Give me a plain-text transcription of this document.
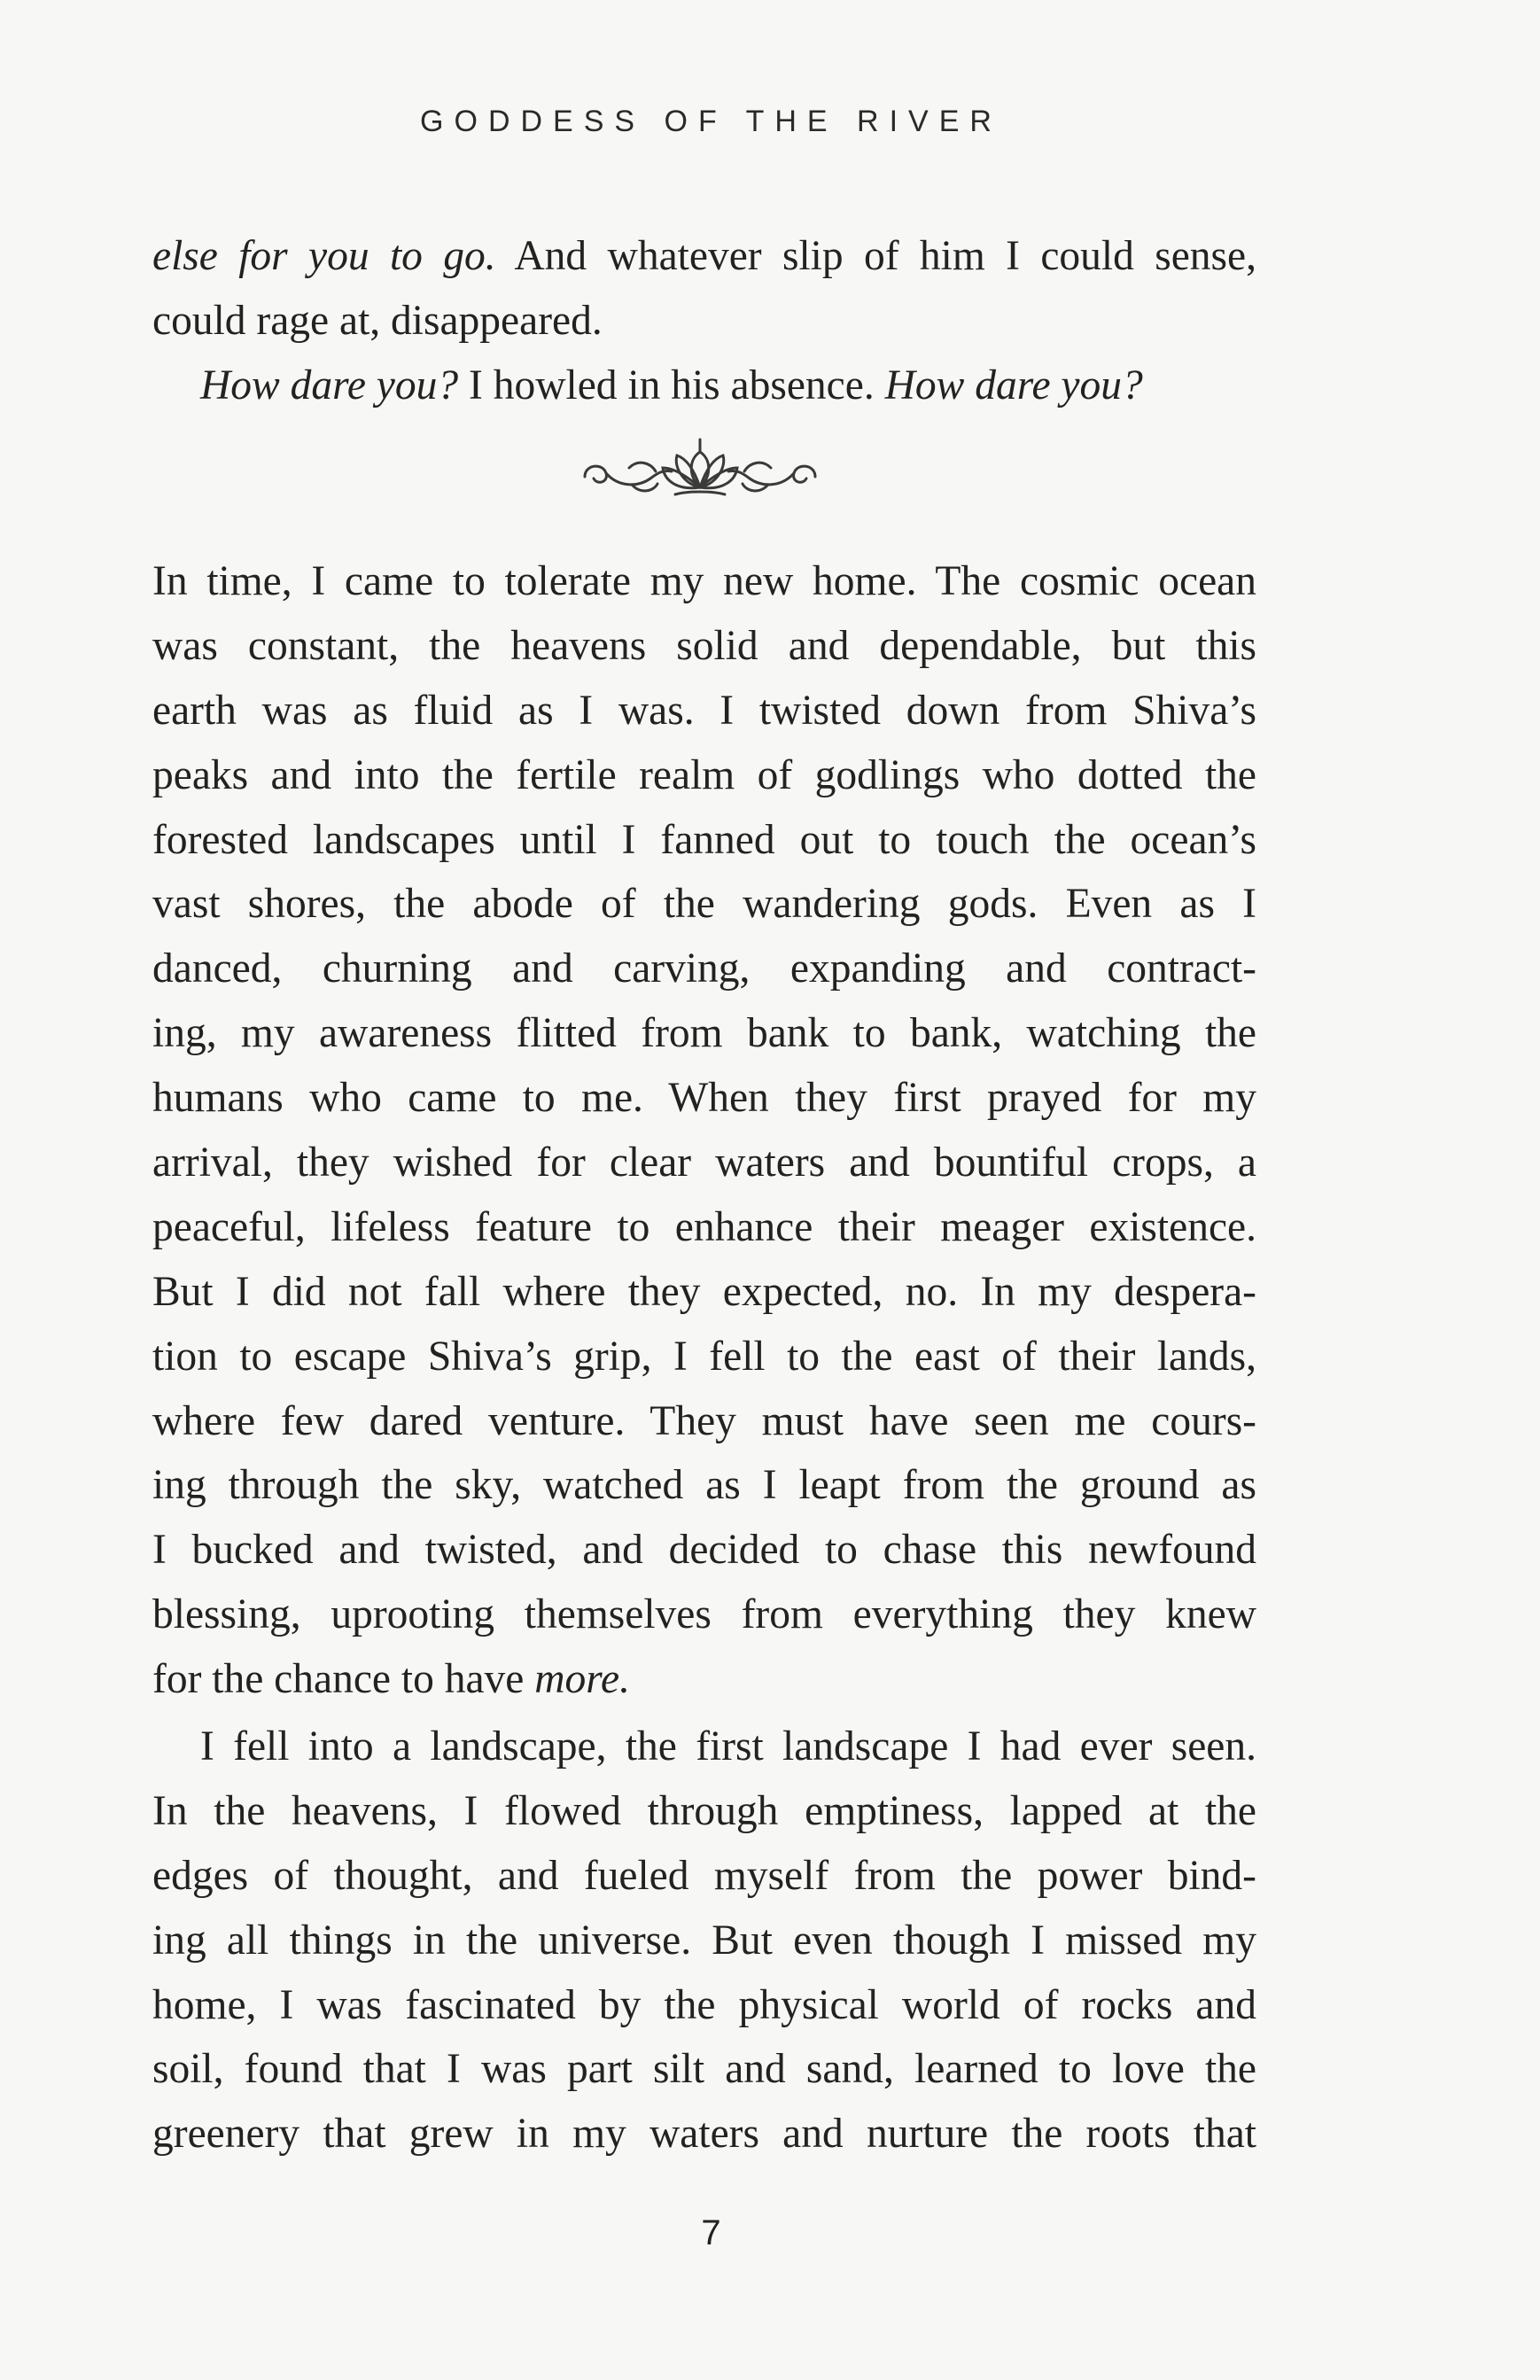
GODDESS OF THE RIVER
else for you to go. And whatever slip of him I could sense,
could rage at, disappeared.
How dare you? I howled in his absence. How dare you?
In time, I came to tolerate my new home. The cosmic ocean
was constant, the heavens solid and dependable, but this
earth was as fluid as I was. I twisted down from Shiva’s
peaks and into the fertile realm of godlings who dotted the
forested landscapes until I fanned out to touch the ocean’s
vast shores, the abode of the wandering gods. Even as I
danced, churning and carving, expanding and contract-
ing, my awareness flitted from bank to bank, watching the
humans who came to me. When they first prayed for my
arrival, they wished for clear waters and bountiful crops, a
peaceful, lifeless feature to enhance their meager existence.
But I did not fall where they expected, no. In my despera-
tion to escape Shiva’s grip, I fell to the east of their lands,
where few dared venture. They must have seen me cours-
ing through the sky, watched as I leapt from the ground as
I bucked and twisted, and decided to chase this newfound
blessing, uprooting themselves from everything they knew
for the chance to have more.
I fell into a landscape, the first landscape I had ever seen.
In the heavens, I flowed through emptiness, lapped at the
edges of thought, and fueled myself from the power bind-
ing all things in the universe. But even though I missed my
home, I was fascinated by the physical world of rocks and
soil, found that I was part silt and sand, learned to love the
greenery that grew in my waters and nurture the roots that
7
